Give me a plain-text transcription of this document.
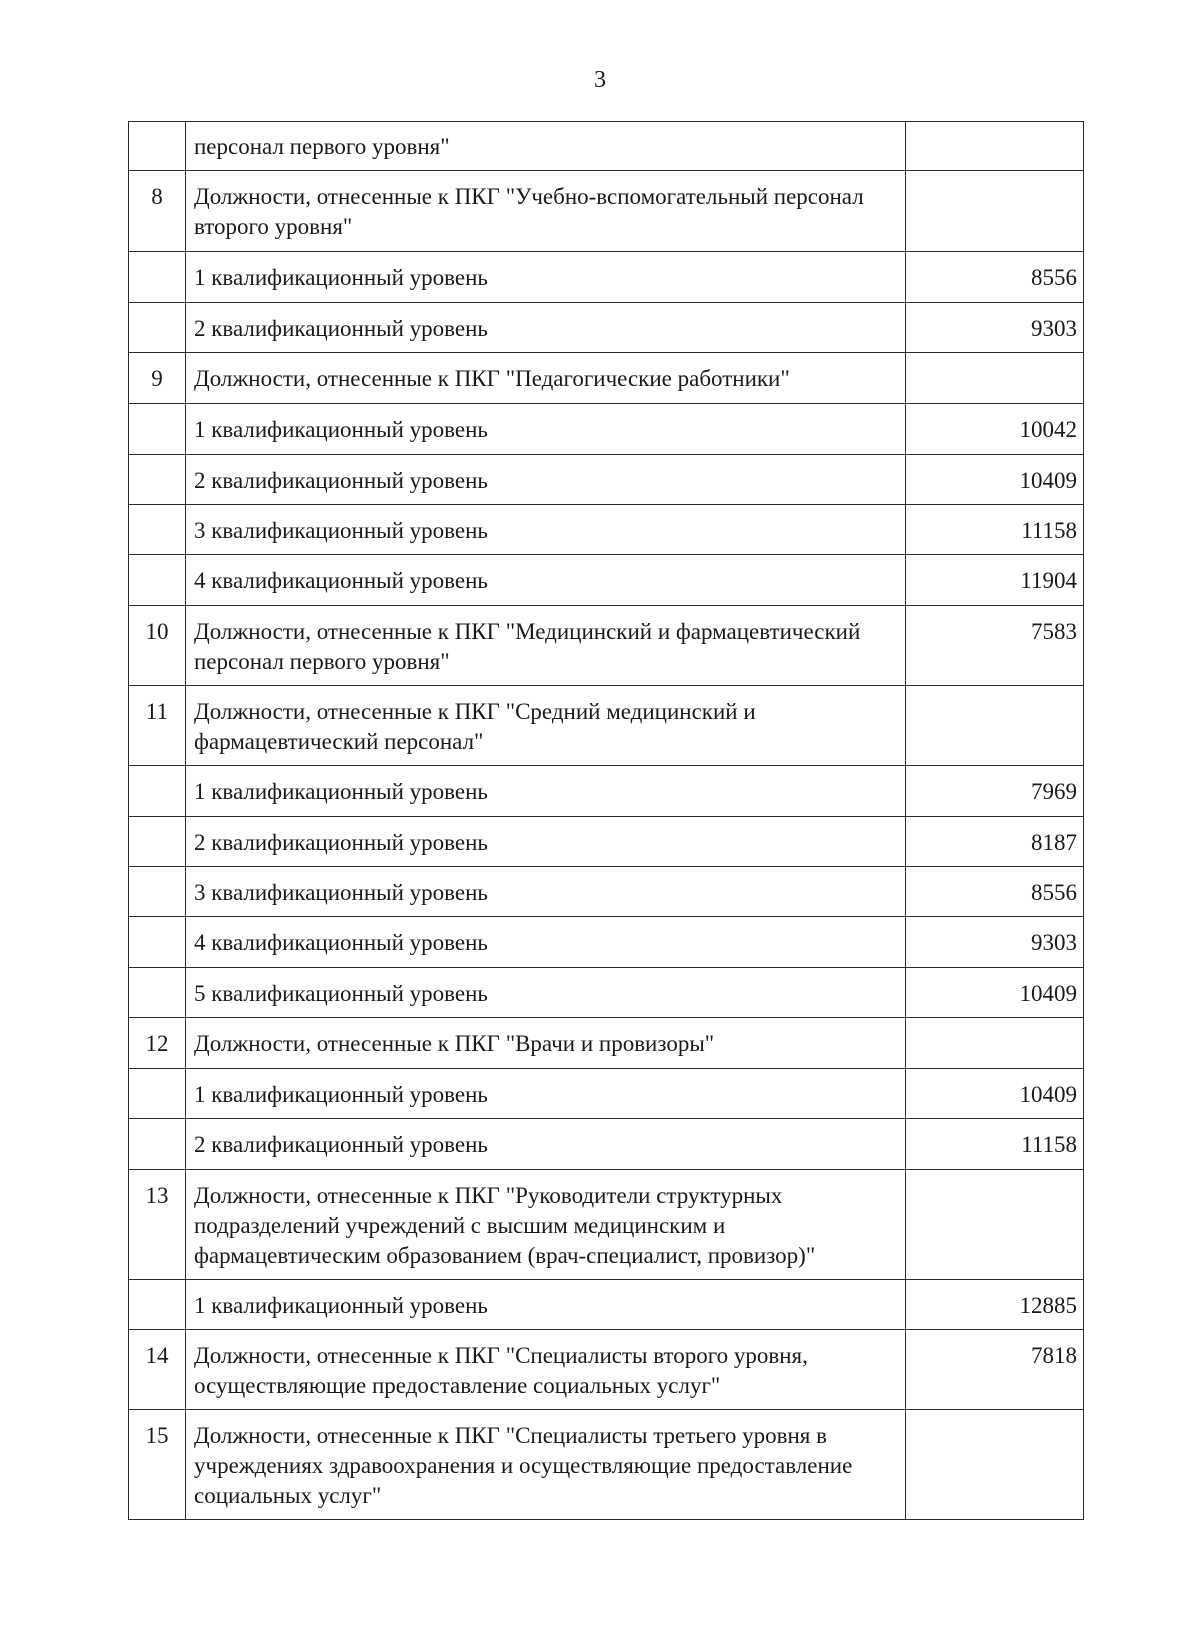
3
	персонал первого уровня"	
8	Должности, отнесенные к ПКГ "Учебно-вспомогательный персонал второго уровня"	
	1 квалификационный уровень	8556
	2 квалификационный уровень	9303
9	Должности, отнесенные к ПКГ "Педагогические работники"	
	1 квалификационный уровень	10042
	2 квалификационный уровень	10409
	3 квалификационный уровень	11158
	4 квалификационный уровень	11904
10	Должности, отнесенные к ПКГ "Медицинский и фармацевтический персонал первого уровня"	7583
11	Должности, отнесенные к ПКГ "Средний медицинский и фармацевтический персонал"	
	1 квалификационный уровень	7969
	2 квалификационный уровень	8187
	3 квалификационный уровень	8556
	4 квалификационный уровень	9303
	5 квалификационный уровень	10409
12	Должности, отнесенные к ПКГ "Врачи и провизоры"	
	1 квалификационный уровень	10409
	2 квалификационный уровень	11158
13	Должности, отнесенные к ПКГ "Руководители структурных подразделений учреждений с высшим медицинским и фармацевтическим образованием (врач-специалист, провизор)"	
	1 квалификационный уровень	12885
14	Должности, отнесенные к ПКГ "Специалисты второго уровня, осуществляющие предоставление социальных услуг"	7818
15	Должности, отнесенные к ПКГ "Специалисты третьего уровня в учреждениях здравоохранения и осуществляющие предоставление социальных услуг"	
